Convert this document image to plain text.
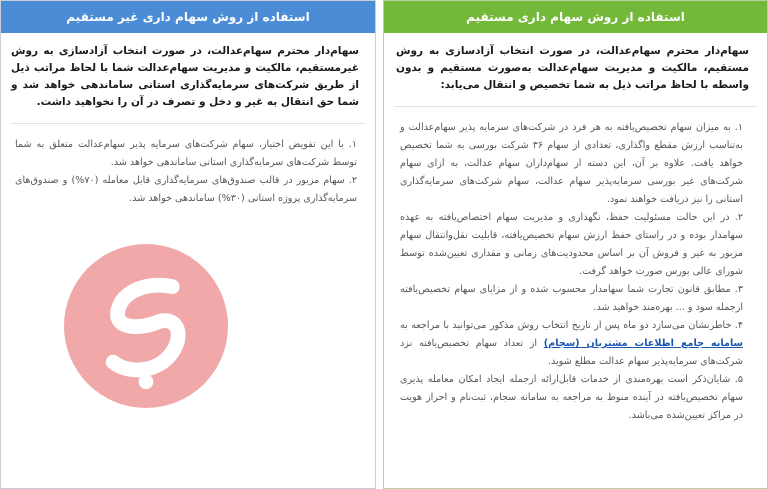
استفاده از روش سهام داری مستقیم

سهام‌دار محترم سهام‌عدالت، در صورت انتخاب آزادسازی به روش مستقیم، مالکیت و مدیریت سهام‌عدالت به‌صورت مستقیم و بدون واسطه با لحاظ مراتب ذیل به شما تخصیص و انتقال می‌یابد:

۱. به میزان سهام تخصیص‌یافته به هر فرد در شرکت‌های سرمایه پذیر سهام‌عدالت و به‌تناسب ارزش مقطع واگذاری، تعدادی از سهام ۳۶ شرکت بورسی به شما تخصیص خواهد یافت. علاوه بر آن، این دسته از سهام‌داران سهام عدالت، به ازای سهام شرکت‌های غیر بورسی سرمایه‌پذیر سهام عدالت، سهام شرکت‌های سرمایه‌گذاری استانی را نیز دریافت خواهند نمود.
۲. در این حالت مسئولیت حفظ، نگهداری و مدیریت سهام اختصاص‌یافته به عهده سهامدار بوده و در راستای حفظ ارزش سهام تخصیص‌یافته، قابلیت نقل‌وانتقال سهام مزبور به غیر و فروش آن بر اساس محدودیت‌های زمانی و مقداری تعیین‌شده توسط شورای عالی بورس صورت خواهد گرفت.
۳. مطابق قانون تجارت شما سهامدار محسوب شده و از مزایای سهام تخصیص‌یافته ازجمله سود و ... بهره‌مند خواهید شد.
۴. خاطرنشان می‌سازد دو ماه پس از تاریخ انتخاب روش مذکور می‌توانید با مراجعه به سامانه جامع اطلاعات مشتریان (سجام) از تعداد سهام تخصیص‌یافته نزد شرکت‌های سرمایه‌پذیر سهام عدالت مطلع شوید.
۵. شایان‌ذکر است بهره‌مندی از خدمات قابل‌ارائه ازجمله ایجاد امکان معامله پذیری سهام تخصیص‌یافته در آینده منوط به مراجعه به سامانه سجام، ثبت‌نام و احراز هویت در مراکز تعیین‌شده می‌باشد.
استفاده از روش سهام داری غیر مستقیم

سهام‌دار محترم سهام‌عدالت، در صورت انتخاب آزادسازی به روش غیرمستقیم، مالکیت و مدیریت سهام‌عدالت شما با لحاظ مراتب ذیل از طریق شرکت‌های سرمایه‌گذاری استانی ساماندهی خواهد شد و شما حق انتقال به غیر و دخل و تصرف در آن را نخواهید داشت.

۱. با این تفویض اختیار، سهام شرکت‌های سرمایه پذیر سهام‌عدالت متعلق به شما توسط شرکت‌های سرمایه‌گذاری استانی ساماندهی خواهد شد.
۲. سهام مزبور در قالب صندوق‌های سرمایه‌گذاری قابل معامله (۷۰%) و صندوق‌های سرمایه‌گذاری پروژه استانی (۳۰%) ساماندهی خواهد شد.
